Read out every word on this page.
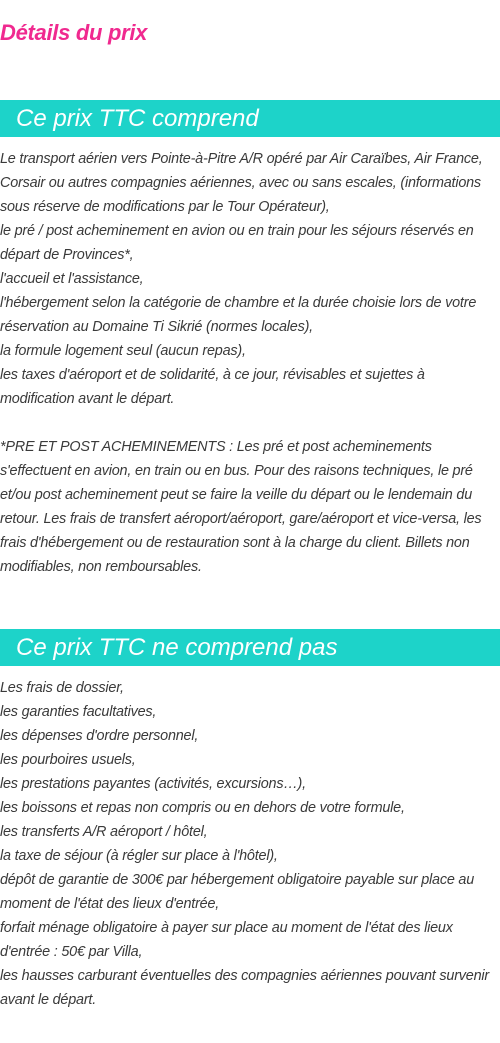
Détails du prix
Ce prix TTC comprend
Le transport aérien vers Pointe-à-Pitre A/R opéré par Air Caraïbes, Air France, Corsair ou autres compagnies aériennes, avec ou sans escales, (informations sous réserve de modifications par le Tour Opérateur),
le pré / post acheminement en avion ou en train pour les séjours réservés en départ de Provinces*,
l'accueil et l'assistance,
l'hébergement selon la catégorie de chambre et la durée choisie lors de votre réservation au Domaine Ti Sikrié (normes locales),
la formule logement seul (aucun repas),
les taxes d'aéroport et de solidarité, à ce jour, révisables et sujettes à modification avant le départ.
*PRE ET POST ACHEMINEMENTS : Les pré et post acheminements s'effectuent en avion, en train ou en bus. Pour des raisons techniques, le pré et/ou post acheminement peut se faire la veille du départ ou le lendemain du retour. Les frais de transfert aéroport/aéroport, gare/aéroport et vice-versa, les frais d'hébergement ou de restauration sont à la charge du client. Billets non modifiables, non remboursables.
Ce prix TTC ne comprend pas
Les frais de dossier,
les garanties facultatives,
les dépenses d'ordre personnel,
les pourboires usuels,
les prestations payantes (activités, excursions…),
les boissons et repas non compris ou en dehors de votre formule,
les transferts A/R aéroport / hôtel,
la taxe de séjour (à régler sur place à l'hôtel),
dépôt de garantie de 300€ par hébergement obligatoire payable sur place au moment de l'état des lieux d'entrée,
forfait ménage obligatoire à payer sur place au moment de l'état des lieux d'entrée : 50€ par Villa,
les hausses carburant éventuelles des compagnies aériennes pouvant survenir avant le départ.
